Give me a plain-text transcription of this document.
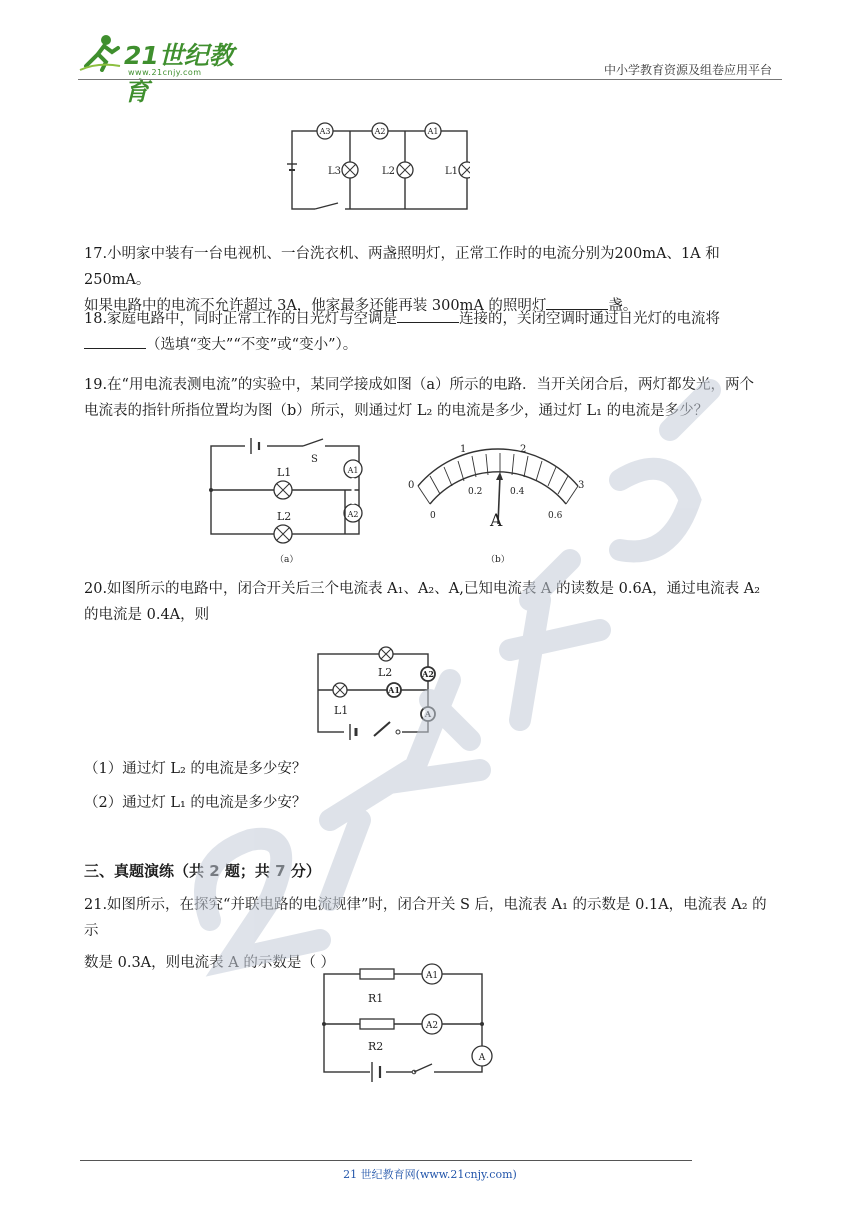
21世纪教育
www.21cnjy.com	中小学教育资源及组卷应用平台
A3	A2	A1
L3	L2	L1
17.小明家中装有一台电视机、一台洗衣机、两盏照明灯，正常工作时的电流分别为200mA、1A 和 250mA。
如果电路中的电流不允许超过 3A，他家最多还能再装 300mA 的照明灯	盏。
18.家庭电路中，同时正常工作的日光灯与空调是	连接的，关闭空调时通过日光灯的电流将
（选填“变大”“不变”或“变小”）。
19.在“用电流表测电流”的实验中，某同学接成如图（a）所示的电路．当开关闭合后，两灯都发光，两个
电流表的指针所指位置均为图（b）所示，则通过灯 L₂ 的电流是多少，通过灯 L₁ 的电流是多少？
S
A1
A2
L1
L2
（a）
0
1	2
3
0
0.2	0.4
0.6
A
（b）
20.如图所示的电路中，闭合开关后三个电流表 A₁、A₂、A,已知电流表 A 的读数是 0.6A，通过电流表 A₂
的电流是 0.4A，则
L2
L1
A1
A2
A
（1）通过灯 L₂ 的电流是多少安？
（2）通过灯 L₁ 的电流是多少安？
三、真题演练（共 2 题；共 7 分）
21.如图所示，在探究“并联电路的电流规律”时，闭合开关 S 后，电流表 A₁ 的示数是 0.1A，电流表 A₂ 的示
数是 0.3A，则电流表 A 的示数是（ ）
R1
A1
R2
A2
A
21 世纪教育网(www.21cnjy.com)
